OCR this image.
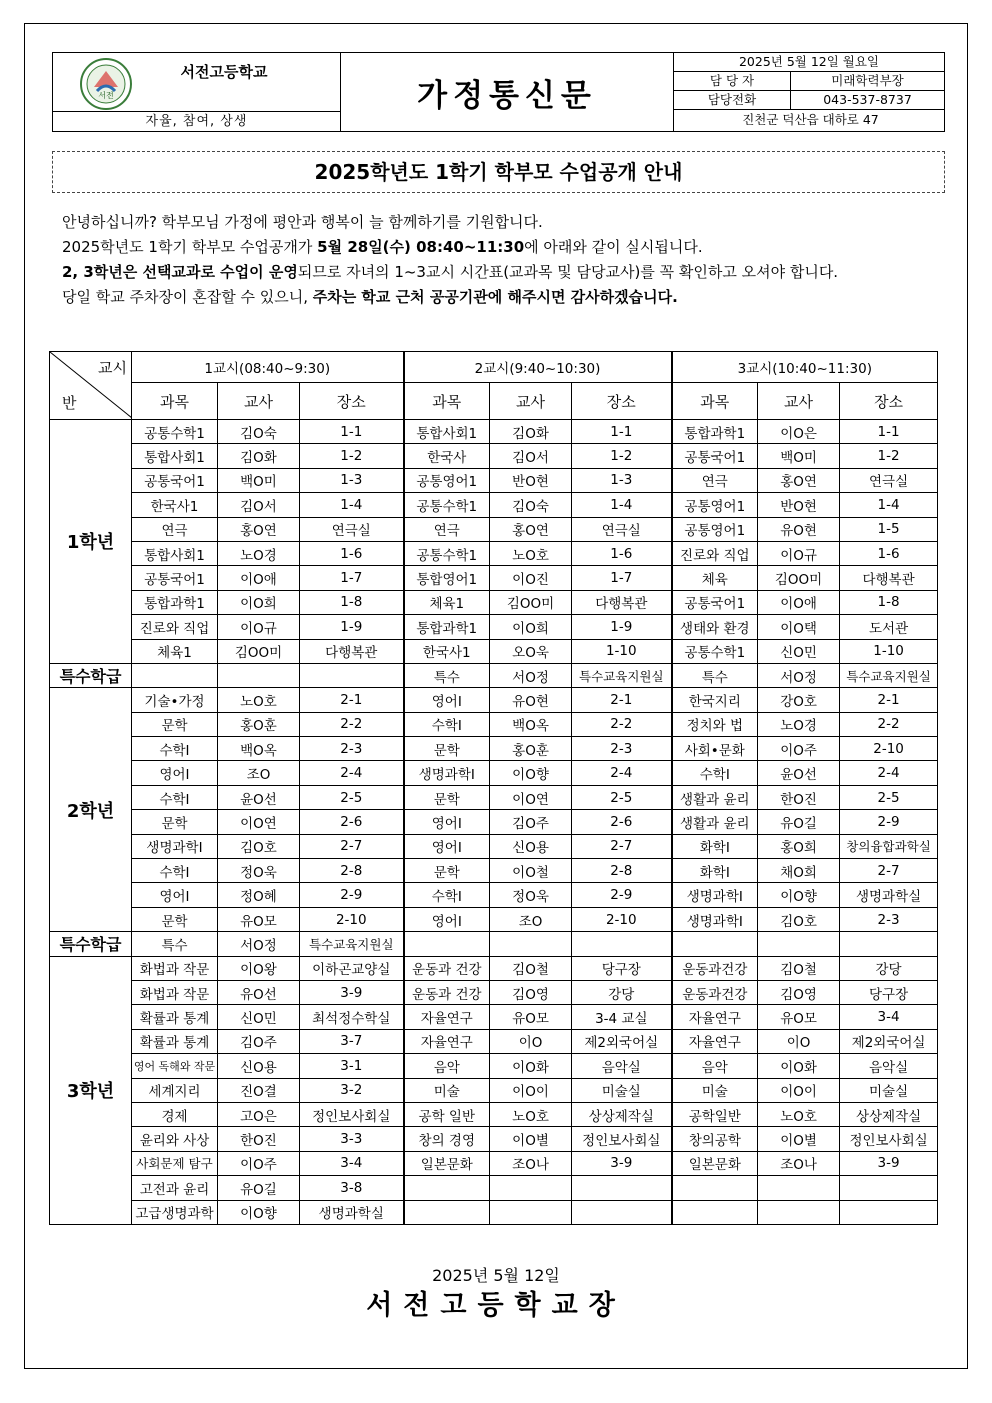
서전
서전고등학교
자율, 참여, 상생
가정통신문
2025년 5월 12일 월요일
담 당 자	미래학력부장
담당전화	043-537-8737
진천군 덕산읍 대하로 47
2025학년도 1학기 학부모 수업공개 안내

안녕하십니까? 학부모님 가정에 평안과 행복이 늘 함께하기를 기원합니다.

2025학년도 1학기 학부모 수업공개가 5월 28일(수) 08:40~11:30에 아래와 같이 실시됩니다.

2, 3학년은 선택교과로 수업이 운영되므로 자녀의 1~3교시 시간표(교과목 및 담당교사)를 꼭 확인하고 오셔야 합니다.

당일 학교 주차장이 혼잡할 수 있으니, 주차는 학교 근처 공공기관에 해주시면 감사하겠습니다.

교시
반	1교시(08:40~9:30)			2교시(9:40~10:30)			3교시(10:40~11:30)		
	과목	교사	장소	과목	교사	장소	과목	교사	장소
1학년	공통수학1	김O숙	1-1	통합사회1	김O화	1-1	통합과학1	이O은	1-1
	통합사회1	김O화	1-2	한국사	김O서	1-2	공통국어1	백O미	1-2
	공통국어1	백O미	1-3	공통영어1	반O현	1-3	연극	홍O연	연극실
	한국사1	김O서	1-4	공통수학1	김O숙	1-4	공통영어1	반O현	1-4
	연극	홍O연	연극실	연극	홍O연	연극실	공통영어1	유O현	1-5
	통합사회1	노O경	1-6	공통수학1	노O호	1-6	진로와 직업	이O규	1-6
	공통국어1	이O애	1-7	통합영어1	이O진	1-7	체육	김OO미	다행복관
	통합과학1	이O희	1-8	체육1	김OO미	다행복관	공통국어1	이O애	1-8
	진로와 직업	이O규	1-9	통합과학1	이O희	1-9	생태와 환경	이O택	도서관
	체육1	김OO미	다행복관	한국사1	오O욱	1-10	공통수학1	신O민	1-10
특수학급				특수	서O정	특수교육지원실	특수	서O정	특수교육지원실
2학년	기술•가정	노O호	2-1	영어I	유O현	2-1	한국지리	강O호	2-1
	문학	홍O훈	2-2	수학I	백O옥	2-2	정치와 법	노O경	2-2
	수학I	백O옥	2-3	문학	홍O훈	2-3	사회•문화	이O주	2-10
	영어I	조O	2-4	생명과학I	이O향	2-4	수학I	윤O선	2-4
	수학I	윤O선	2-5	문학	이O연	2-5	생활과 윤리	한O진	2-5
	문학	이O연	2-6	영어I	김O주	2-6	생활과 윤리	유O길	2-9
	생명과학I	김O호	2-7	영어I	신O용	2-7	화학I	홍O희	창의융합과학실
	수학I	정O욱	2-8	문학	이O철	2-8	화학I	채O희	2-7
	영어I	정O혜	2-9	수학I	정O욱	2-9	생명과학I	이O향	생명과학실
	문학	유O모	2-10	영어I	조O	2-10	생명과학I	김O호	2-3
특수학급	특수	서O정	특수교육지원실						
3학년	화법과 작문	이O왕	이하곤교양실	운동과 건강	김O철	당구장	운동과건강	김O철	강당
	화법과 작문	유O선	3-9	운동과 건강	김O영	강당	운동과건강	김O영	당구장
	확률과 통계	신O민	최석정수학실	자율연구	유O모	3-4 교실	자율연구	유O모	3-4
	확률과 통계	김O주	3-7	자율연구	이O	제2외국어실	자율연구	이O	제2외국어실
	영어 독해와 작문	신O용	3-1	음악	이O화	음악실	음악	이O화	음악실
	세계지리	진O결	3-2	미술	이O이	미술실	미술	이O이	미술실
	경제	고O은	정인보사회실	공학 일반	노O호	상상제작실	공학일반	노O호	상상제작실
	윤리와 사상	한O진	3-3	창의 경영	이O별	정인보사회실	창의공학	이O별	정인보사회실
	사회문제 탐구	이O주	3-4	일본문화	조O나	3-9	일본문화	조O나	3-9
	고전과 윤리	유O길	3-8						
	고급생명과학	이O향	생명과학실						
2025년 5월 12일
서전고등학교장
